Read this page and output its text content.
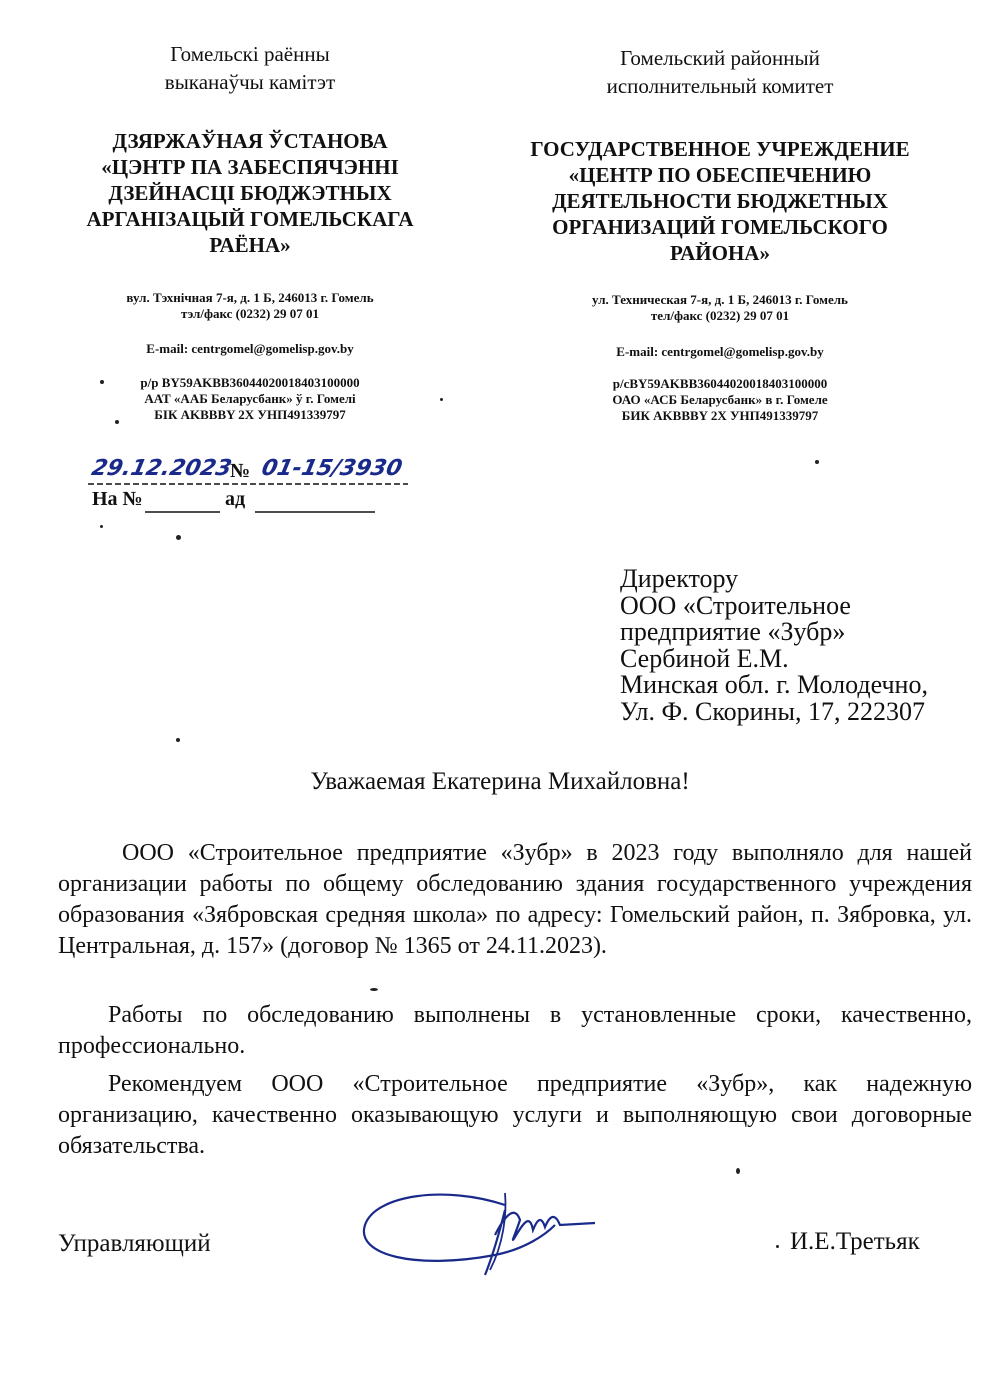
Гомельскі раённы
выканаўчы камітэт
ДЗЯРЖАЎНАЯ ЎСТАНОВА
«ЦЭНТР ПА ЗАБЕСПЯЧЭННІ
ДЗЕЙНАСЦІ БЮДЖЭТНЫХ
АРГАНІЗАЦЫЙ ГОМЕЛЬСКАГА
РАЁНА»
вул. Тэхнічная 7-я, д. 1 Б, 246013 г. Гомель
тэл/факс (0232) 29 07 01
E-mail: centrgomel@gomelisp.gov.by
р/р BY59AKBB36044020018403100000
ААТ «ААБ Беларусбанк» ў г. Гомелі
БІК AKBBBY 2X УНП491339797
Гомельский районный
исполнительный комитет
ГОСУДАРСТВЕННОЕ УЧРЕЖДЕНИЕ
«ЦЕНТР ПО ОБЕСПЕЧЕНИЮ
ДЕЯТЕЛЬНОСТИ БЮДЖЕТНЫХ
ОРГАНИЗАЦИЙ ГОМЕЛЬСКОГО
РАЙОНА»
ул. Техническая 7-я, д. 1 Б, 246013 г. Гомель
тел/факс (0232) 29 07 01
E-mail: centrgomel@gomelisp.gov.by
р/сBY59AKBB36044020018403100000
ОАО «АСБ Беларусбанк» в г. Гомеле
БИК AKBBBY 2X УНП491339797
29.12.2023
№ 01-15/3930
На №	ад
Директору
ООО «Строительное
предприятие «Зубр»
Сербиной Е.М.
Минская обл. г. Молодечно,
Ул. Ф. Скорины, 17, 222307
Уважаемая Екатерина Михайловна!
ООО «Строительное предприятие «Зубр» в 2023 году выполняло для нашей организации работы по общему обследованию здания государственного учреждения образования «Зябровская средняя школа» по адресу: Гомельский район, п. Зябровка, ул. Центральная, д. 157» (договор № 1365 от 24.11.2023).
Работы по обследованию выполнены в установленные сроки, качественно, профессионально.
Рекомендуем ООО «Строительное предприятие «Зубр», как надежную организацию, качественно оказывающую услуги и выполняющую свои договорные обязательства.
Управляющий	И.Е.Третьяк
